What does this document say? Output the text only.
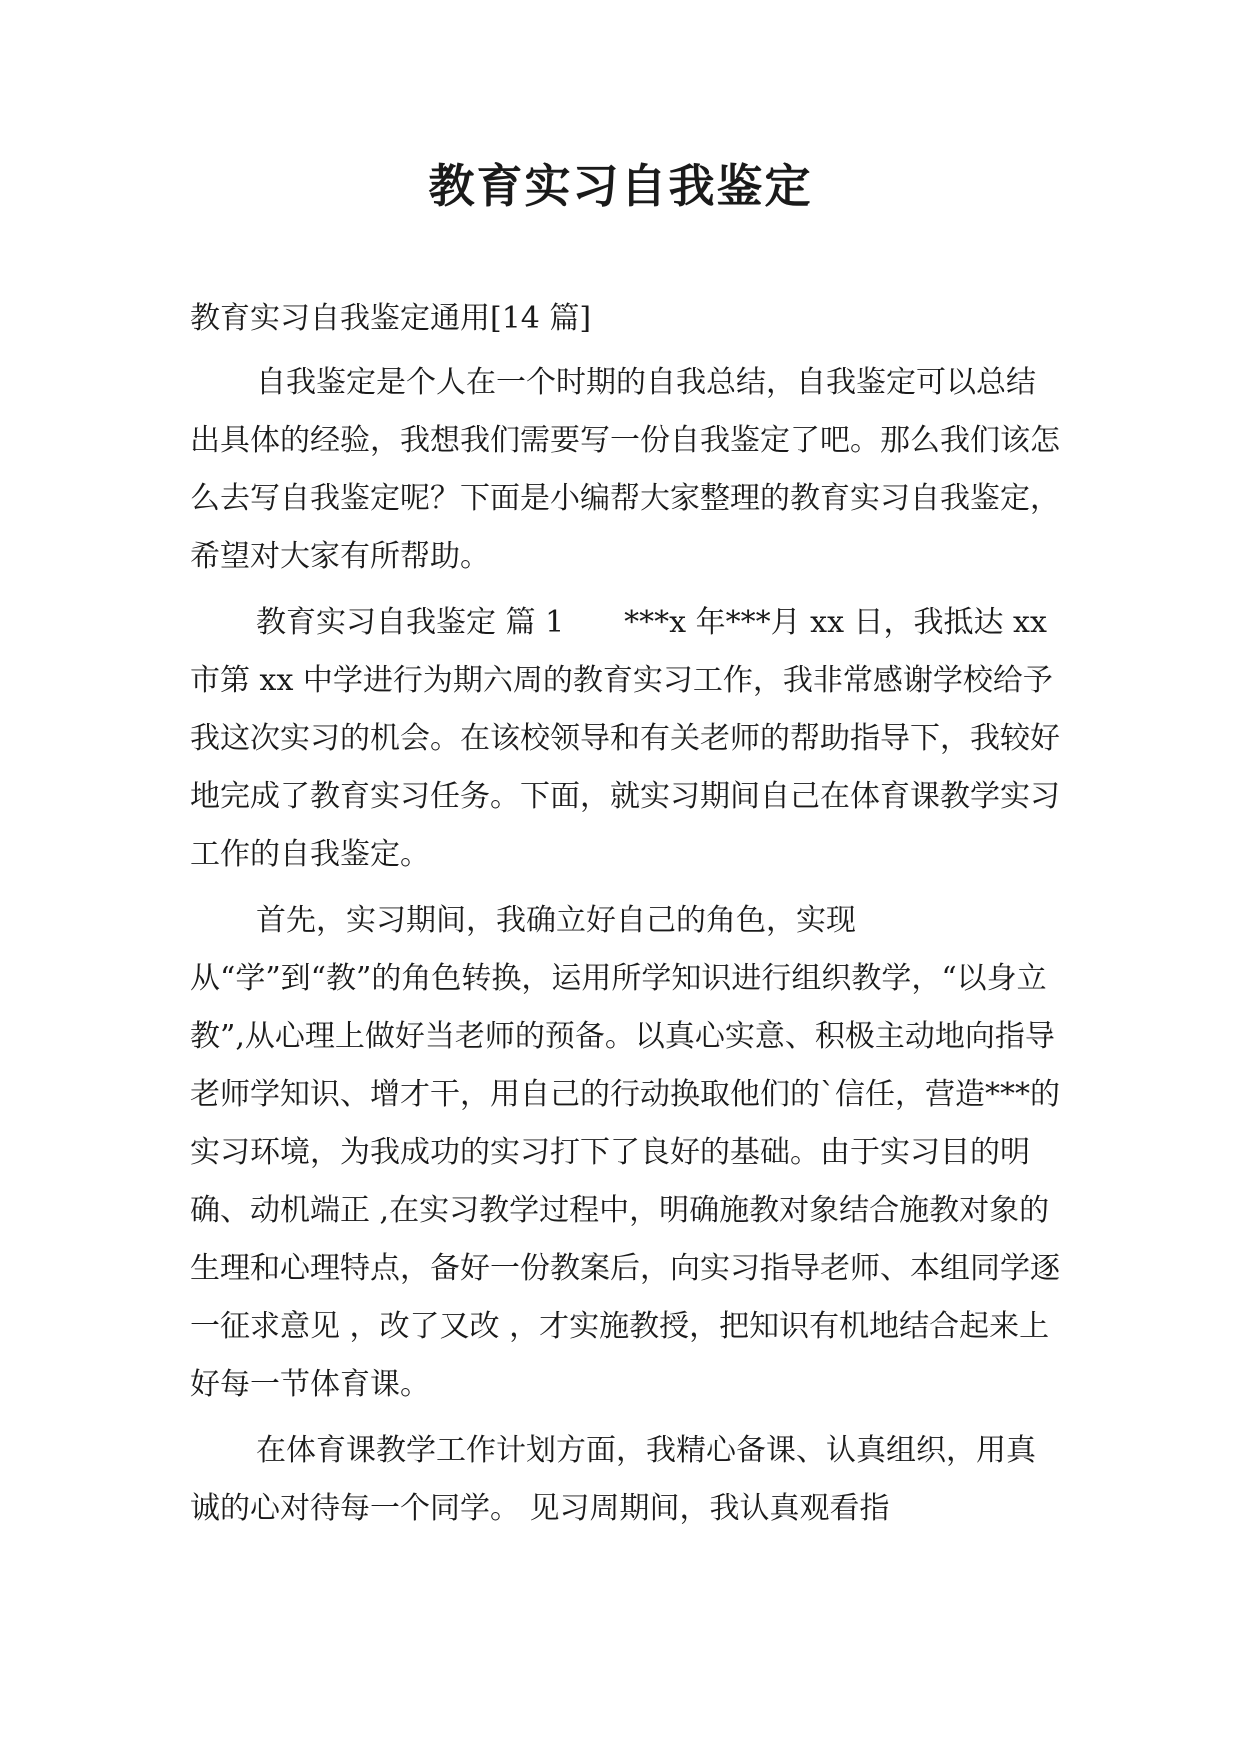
教育实习自我鉴定

教育实习自我鉴定通用[14 篇]

自我鉴定是个人在一个时期的自我总结，自我鉴定可以总结出具体的经验，我想我们需要写一份自我鉴定了吧。那么我们该怎么去写自我鉴定呢？下面是小编帮大家整理的教育实习自我鉴定，希望对大家有所帮助。

教育实习自我鉴定 篇 1　　***x 年***月 xx 日，我抵达 xx 市第 xx 中学进行为期六周的教育实习工作，我非常感谢学校给予我这次实习的机会。在该校领导和有关老师的帮助指导下，我较好地完成了教育实习任务。下面，就实习期间自己在体育课教学实习工作的自我鉴定。

首先，实习期间，我确立好自己的角色，实现从“学”到“教”的角色转换，运用所学知识进行组织教学，“以身立教”,从心理上做好当老师的预备。以真心实意、积极主动地向指导老师学知识、增才干，用自己的行动换取他们的`信任，营造***的实习环境，为我成功的实习打下了良好的基础。由于实习目的明确、动机端正 ,在实习教学过程中，明确施教对象结合施教对象的生理和心理特点，备好一份教案后，向实习指导老师、本组同学逐一征求意见 ，改了又改 ，才实施教授，把知识有机地结合起来上好每一节体育课。

在体育课教学工作计划方面，我精心备课、认真组织，用真诚的心对待每一个同学。 见习周期间，我认真观看指
